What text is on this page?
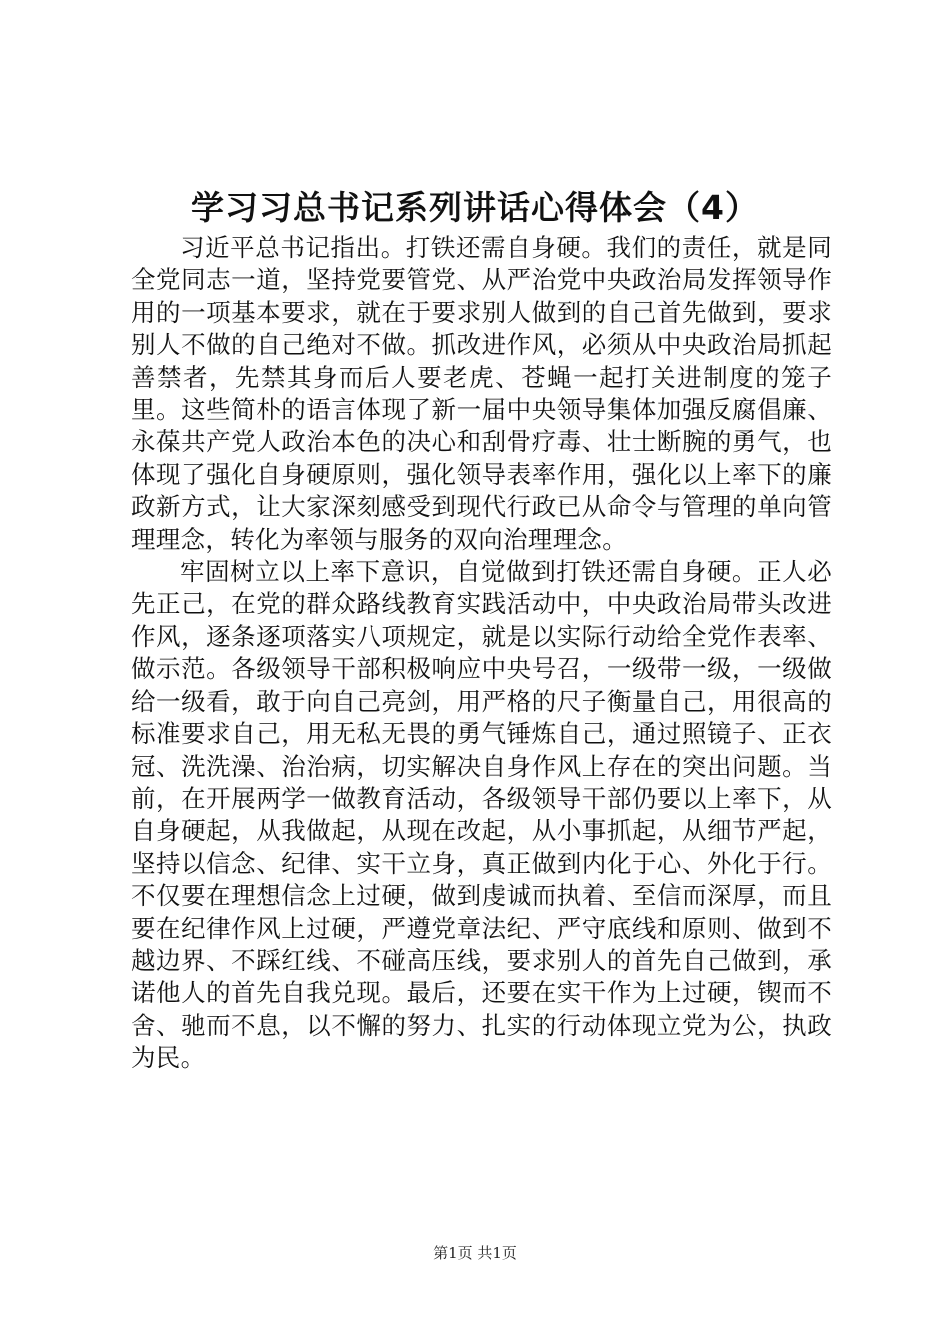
学习习总书记系列讲话心得体会（4）

习近平总书记指出。打铁还需自身硬。我们的责任，就是同全党同志一道，坚持党要管党、从严治党中央政治局发挥领导作用的一项基本要求，就在于要求别人做到的自己首先做到，要求别人不做的自己绝对不做。抓改进作风，必须从中央政治局抓起善禁者，先禁其身而后人要老虎、苍蝇一起打关进制度的笼子里。这些简朴的语言体现了新一届中央领导集体加强反腐倡廉、永葆共产党人政治本色的决心和刮骨疗毒、壮士断腕的勇气，也体现了强化自身硬原则，强化领导表率作用，强化以上率下的廉政新方式，让大家深刻感受到现代行政已从命令与管理的单向管理理念，转化为率领与服务的双向治理理念。

牢固树立以上率下意识，自觉做到打铁还需自身硬。正人必先正己，在党的群众路线教育实践活动中，中央政治局带头改进作风，逐条逐项落实八项规定，就是以实际行动给全党作表率、做示范。各级领导干部积极响应中央号召，一级带一级，一级做给一级看，敢于向自己亮剑，用严格的尺子衡量自己，用很高的标准要求自己，用无私无畏的勇气锤炼自己，通过照镜子、正衣冠、洗洗澡、治治病，切实解决自身作风上存在的突出问题。当前，在开展两学一做教育活动，各级领导干部仍要以上率下，从自身硬起，从我做起，从现在改起，从小事抓起，从细节严起，坚持以信念、纪律、实干立身，真正做到内化于心、外化于行。不仅要在理想信念上过硬，做到虔诚而执着、至信而深厚，而且要在纪律作风上过硬，严遵党章法纪、严守底线和原则、做到不越边界、不踩红线、不碰高压线，要求别人的首先自己做到，承诺他人的首先自我兑现。最后，还要在实干作为上过硬，锲而不舍、驰而不息，以不懈的努力、扎实的行动体现立党为公，执政为民。

第1页 共1页
